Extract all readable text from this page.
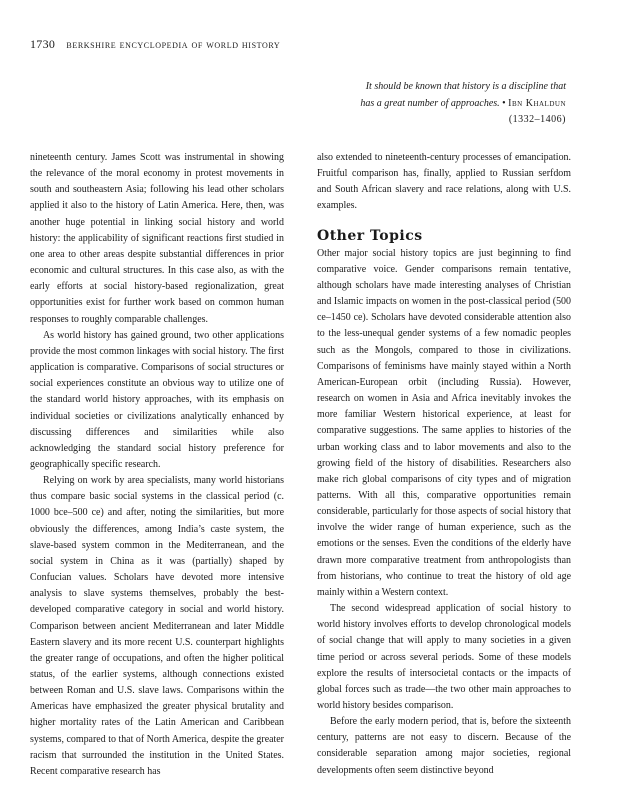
1730 berkshire encyclopedia of world history
It should be known that history is a discipline that
has a great number of approaches. • Ibn Khaldun
(1332–1406)

nineteenth century. James Scott was instrumental in showing the relevance of the moral economy in protest movements in south and southeastern Asia; following his lead other scholars applied it also to the history of Latin America. Here, then, was another huge potential in linking social history and world history: the applicability of significant reactions first studied in one area to other areas despite substantial differences in prior economic and cultural structures. In this case also, as with the early efforts at social history-based regionalization, great opportunities exist for further work based on common human responses to roughly comparable challenges.

As world history has gained ground, two other applications provide the most common linkages with social history. The first application is comparative. Comparisons of social structures or social experiences constitute an obvious way to utilize one of the standard world history approaches, with its emphasis on individual societies or civilizations analytically enhanced by discussing differences and similarities while also acknowledging the standard social history preference for geographically specific research.

Relying on work by area specialists, many world historians thus compare basic social systems in the classical period (c. 1000 bce–500 ce) and after, noting the similarities, but more obviously the differences, among India’s caste system, the slave-based system common in the Mediterranean, and the social system in China as it was (partially) shaped by Confucian values. Scholars have devoted more intensive analysis to slave systems themselves, probably the best-developed comparative category in social and world history. Comparison between ancient Mediterranean and later Middle Eastern slavery and its more recent U.S. counterpart highlights the greater range of occupations, and often the higher political status, of the earlier systems, although connections existed between Roman and U.S. slave laws. Comparisons within the Americas have emphasized the greater physical brutality and higher mortality rates of the Latin American and Caribbean systems, compared to that of North America, despite the greater racism that surrounded the institution in the United States. Recent comparative research has

also extended to nineteenth-century processes of emancipation. Fruitful comparison has, finally, applied to Russian serfdom and South African slavery and race relations, along with U.S. examples.

Other Topics

Other major social history topics are just beginning to find comparative voice. Gender comparisons remain tentative, although scholars have made interesting analyses of Christian and Islamic impacts on women in the post-classical period (500 ce–1450 ce). Scholars have devoted considerable attention also to the less-unequal gender systems of a few nomadic peoples such as the Mongols, compared to those in civilizations. Comparisons of feminisms have mainly stayed within a North American-European orbit (including Russia). However, research on women in Asia and Africa inevitably invokes the more familiar Western historical experience, at least for comparative suggestions. The same applies to histories of the urban working class and to labor movements and also to the growing field of the history of disabilities. Researchers also make rich global comparisons of city types and of migration patterns. With all this, comparative opportunities remain considerable, particularly for those aspects of social history that involve the wider range of human experience, such as the emotions or the senses. Even the conditions of the elderly have drawn more comparative treatment from anthropologists than from historians, who continue to treat the history of old age mainly within a Western context.

The second widespread application of social history to world history involves efforts to develop chronological models of social change that will apply to many societies in a given time period or across several periods. Some of these models explore the results of intersocietal contacts or the impacts of global forces such as trade—the two other main approaches to world history besides comparison.

Before the early modern period, that is, before the sixteenth century, patterns are not easy to discern. Because of the considerable separation among major societies, regional developments often seem distinctive beyond
